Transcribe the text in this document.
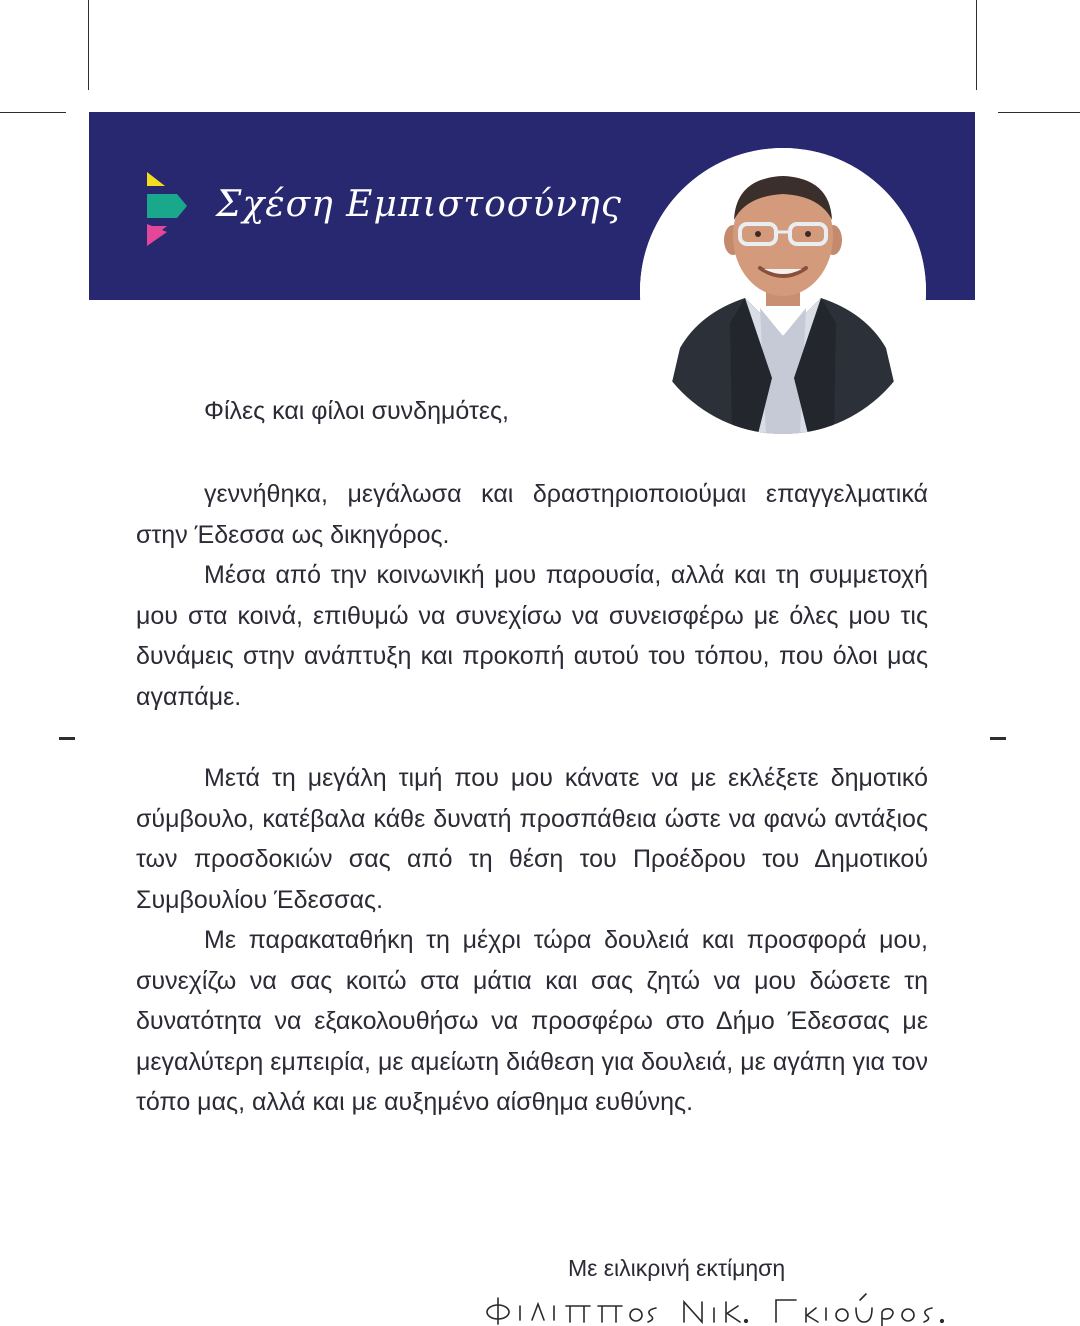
Σχέση Εμπιστοσύνης
Φίλες και φίλοι συνδημότες,

γεννήθηκα, μεγάλωσα και δραστηριοποιούμαι επαγγελματικά στην Έδεσσα ως δικηγόρος.

Μέσα από την κοινωνική μου παρουσία, αλλά και τη συμμετοχή μου στα κοινά, επιθυμώ να συνεχίσω να συνεισφέρω με όλες μου τις δυνάμεις στην ανάπτυξη και προκοπή αυτού του τόπου, που όλοι μας αγαπάμε.

Μετά τη μεγάλη τιμή που μου κάνατε να με εκλέξετε δημοτικό σύμβουλο, κατέβαλα κάθε δυνατή προσπάθεια ώστε να φανώ αντάξιος των προσδοκιών σας από τη θέση του Προέδρου του Δημοτικού Συμβουλίου Έδεσσας.

Με παρακαταθήκη τη μέχρι τώρα δουλειά και προσφορά μου, συνεχίζω να σας κοιτώ στα μάτια και σας ζητώ να μου δώσετε τη δυνατότητα να εξακολουθήσω να προσφέρω στο Δήμο Έδεσσας με μεγαλύτερη εμπειρία, με αμείωτη διάθεση για δουλειά, με αγάπη για τον τόπο μας, αλλά και με αυξημένο αίσθημα ευθύνης.

Με ειλικρινή εκτίμηση
